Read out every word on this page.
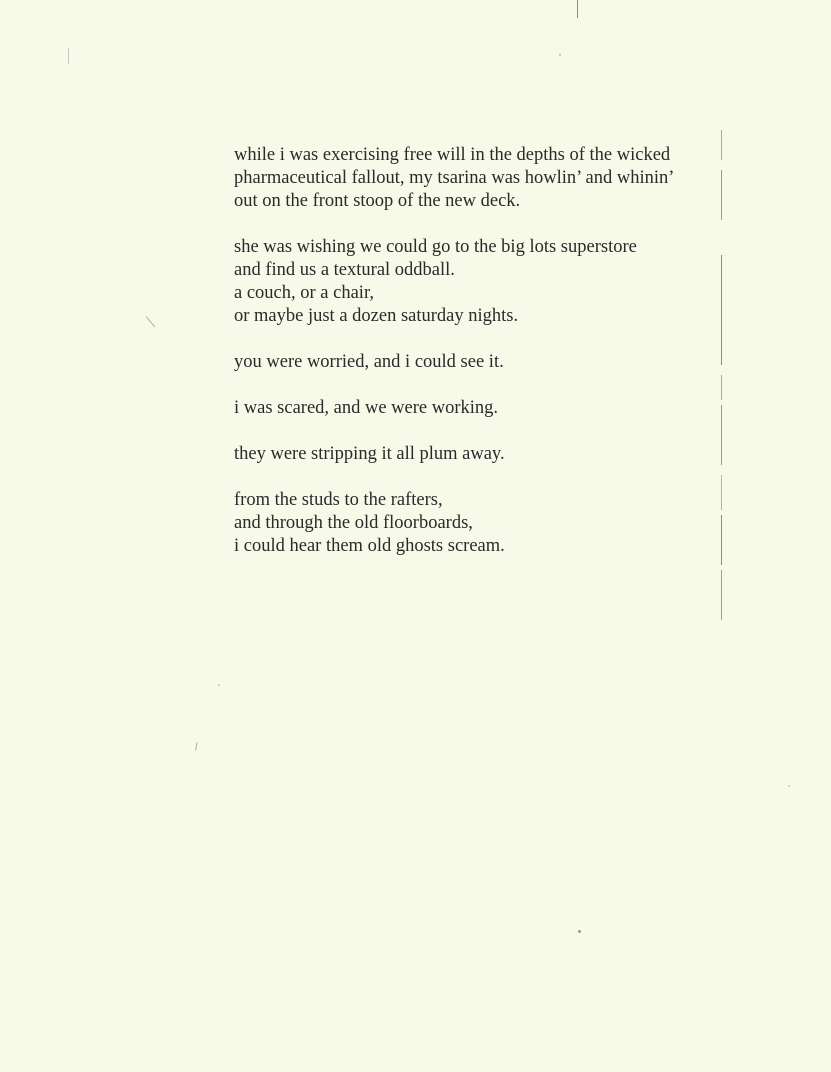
while i was exercising free will in the depths of the wicked
pharmaceutical fallout, my tsarina was howlin’ and whinin’
out on the front stoop of the new deck.
she was wishing we could go to the big lots superstore
and find us a textural oddball.
a couch, or a chair,
or maybe just a dozen saturday nights.
you were worried, and i could see it.
i was scared, and we were working.
they were stripping it all plum away.
from the studs to the rafters,
and through the old floorboards,
i could hear them old ghosts scream.
